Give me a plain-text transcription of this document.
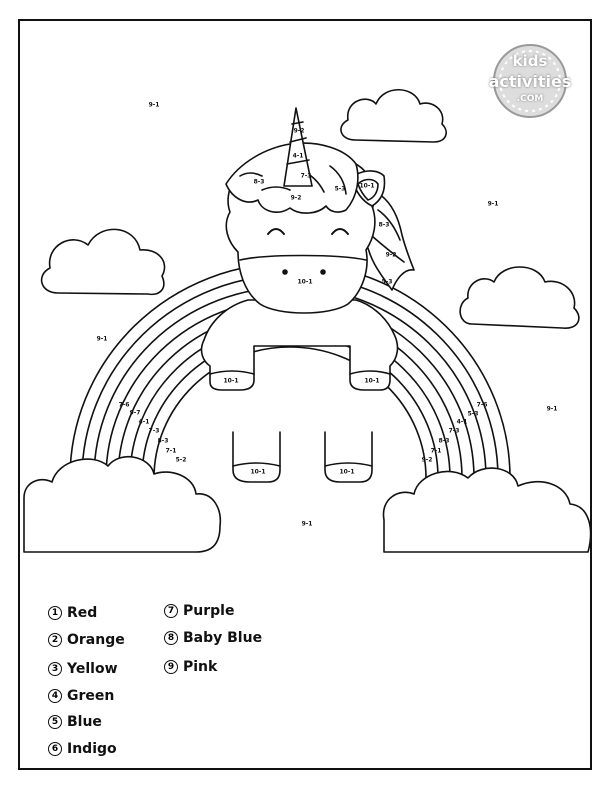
kids
activities
.COM
9-1
9-2
4-1
7-3
8-3
9-2
5-3 10-1
8-3
9-2
5-3
10-1
9-1
9-1
10-1	10-1
7-6
9-7
4-1
7-3
8-3
7-1
5-2
7-6
5-3
4-1
7-3
8-3
7-1
9-2
9-1
10-1	10-1
9-1
1 Red
2 Orange
3 Yellow
4 Green
5 Blue
6 Indigo
7 Purple
8 Baby Blue
9 Pink
